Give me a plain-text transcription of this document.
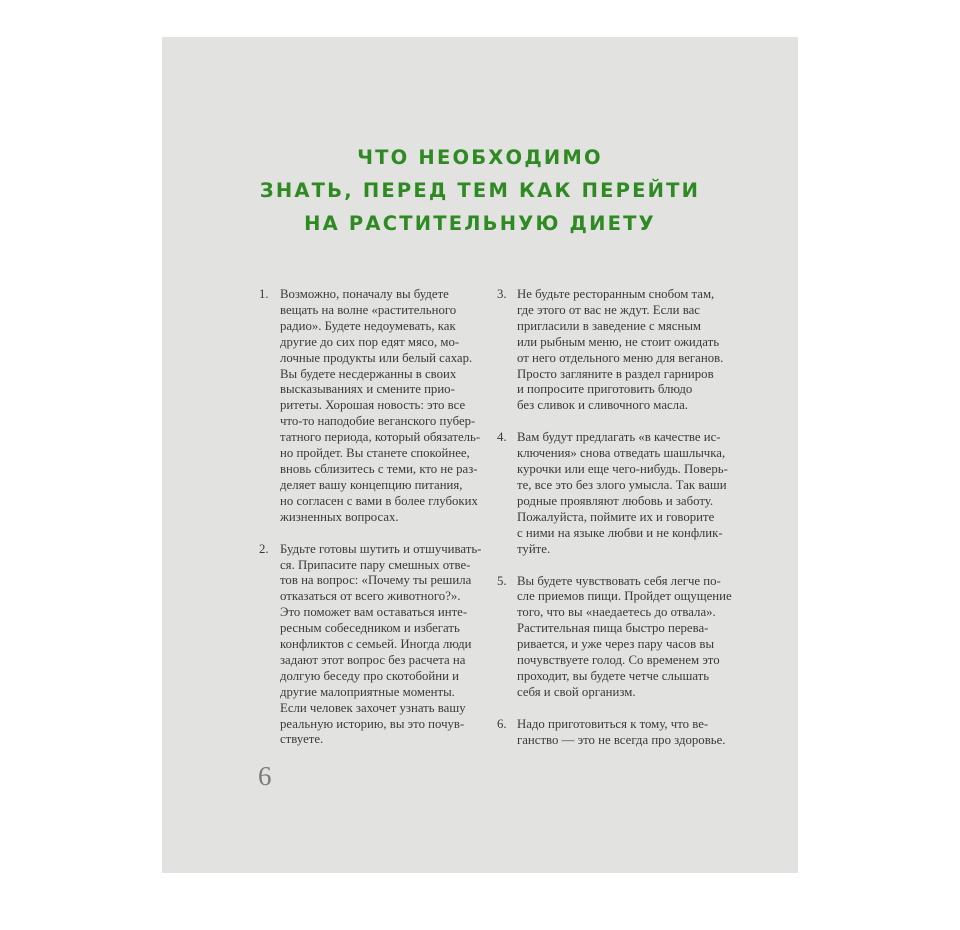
ЧТО НЕОБХОДИМО
ЗНАТЬ, ПЕРЕД ТЕМ КАК ПЕРЕЙТИ
НА РАСТИТЕЛЬНУЮ ДИЕТУ
1. Возможно, поначалу вы будете
вещать на волне «растительного
радио». Будете недоумевать, как
другие до сих пор едят мясо, мо-
лочные продукты или белый сахар.
Вы будете несдержанны в своих
высказываниях и смените прио-
ритеты. Хорошая новость: это все
что-то наподобие веганского пубер-
татного периода, который обязатель-
но пройдет. Вы станете спокойнее,
вновь сблизитесь с теми, кто не раз-
деляет вашу концепцию питания,
но согласен с вами в более глубоких
жизненных вопросах.
2. Будьте готовы шутить и отшучивать-
ся. Припасите пару смешных отве-
тов на вопрос: «Почему ты решила
отказаться от всего животного?».
Это поможет вам оставаться инте-
ресным собеседником и избегать
конфликтов с семьей. Иногда люди
задают этот вопрос без расчета на
долгую беседу про скотобойни и
другие малоприятные моменты.
Если человек захочет узнать вашу
реальную историю, вы это почув-
ствуете.
3. Не будьте ресторанным снобом там,
где этого от вас не ждут. Если вас
пригласили в заведение с мясным
или рыбным меню, не стоит ожидать
от него отдельного меню для веганов.
Просто загляните в раздел гарниров
и попросите приготовить блюдо
без сливок и сливочного масла.
4. Вам будут предлагать «в качестве ис-
ключения» снова отведать шашлычка,
курочки или еще чего-нибудь. Поверь-
те, все это без злого умысла. Так ваши
родные проявляют любовь и заботу.
Пожалуйста, поймите их и говорите
с ними на языке любви и не конфлик-
туйте.
5. Вы будете чувствовать себя легче по-
сле приемов пищи. Пройдет ощущение
того, что вы «наедаетесь до отвала».
Растительная пища быстро перева-
ривается, и уже через пару часов вы
почувствуете голод. Со временем это
проходит, вы будете четче слышать
себя и свой организм.
6. Надо приготовиться к тому, что ве-
ганство — это не всегда про здоровье.

6
